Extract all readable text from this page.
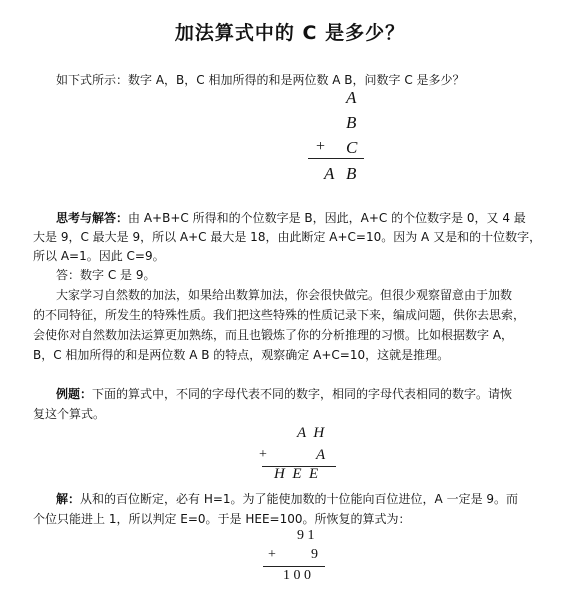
加法算式中的 C 是多少？
如下式所示：数字 A，B，C 相加所得的和是两位数 A B，问数字 C 是多少？
A
B
+ C
A B
思考与解答：由 A+B+C 所得和的个位数字是 B，因此，A+C 的个位数字是 0，又 4 最
大是 9，C 最大是 9，所以 A+C 最大是 18，由此断定 A+C=10。因为 A 又是和的十位数字，
所以 A=1。因此 C=9。
答：数字 C 是 9。
大家学习自然数的加法，如果给出数算加法，你会很快做完。但很少观察留意由于加数
的不同特征，所发生的特殊性质。我们把这些特殊的性质记录下来，编成问题，供你去思索，
会使你对自然数加法运算更加熟练，而且也锻炼了你的分析推理的习惯。比如根据数字 A，
B，C 相加所得的和是两位数 A B 的特点，观察确定 A+C=10，这就是推理。
例题：下面的算式中，不同的字母代表不同的数字，相同的字母代表相同的数字。请恢
复这个算式。
A  H
+	A
H  E  E
解：从和的百位断定，必有 H=1。为了能使加数的十位能向百位进位，A 一定是 9。而
个位只能进上 1，所以判定 E=0。于是 HEE=100。所恢复的算式为：
9 1
+	9
1 0 0
